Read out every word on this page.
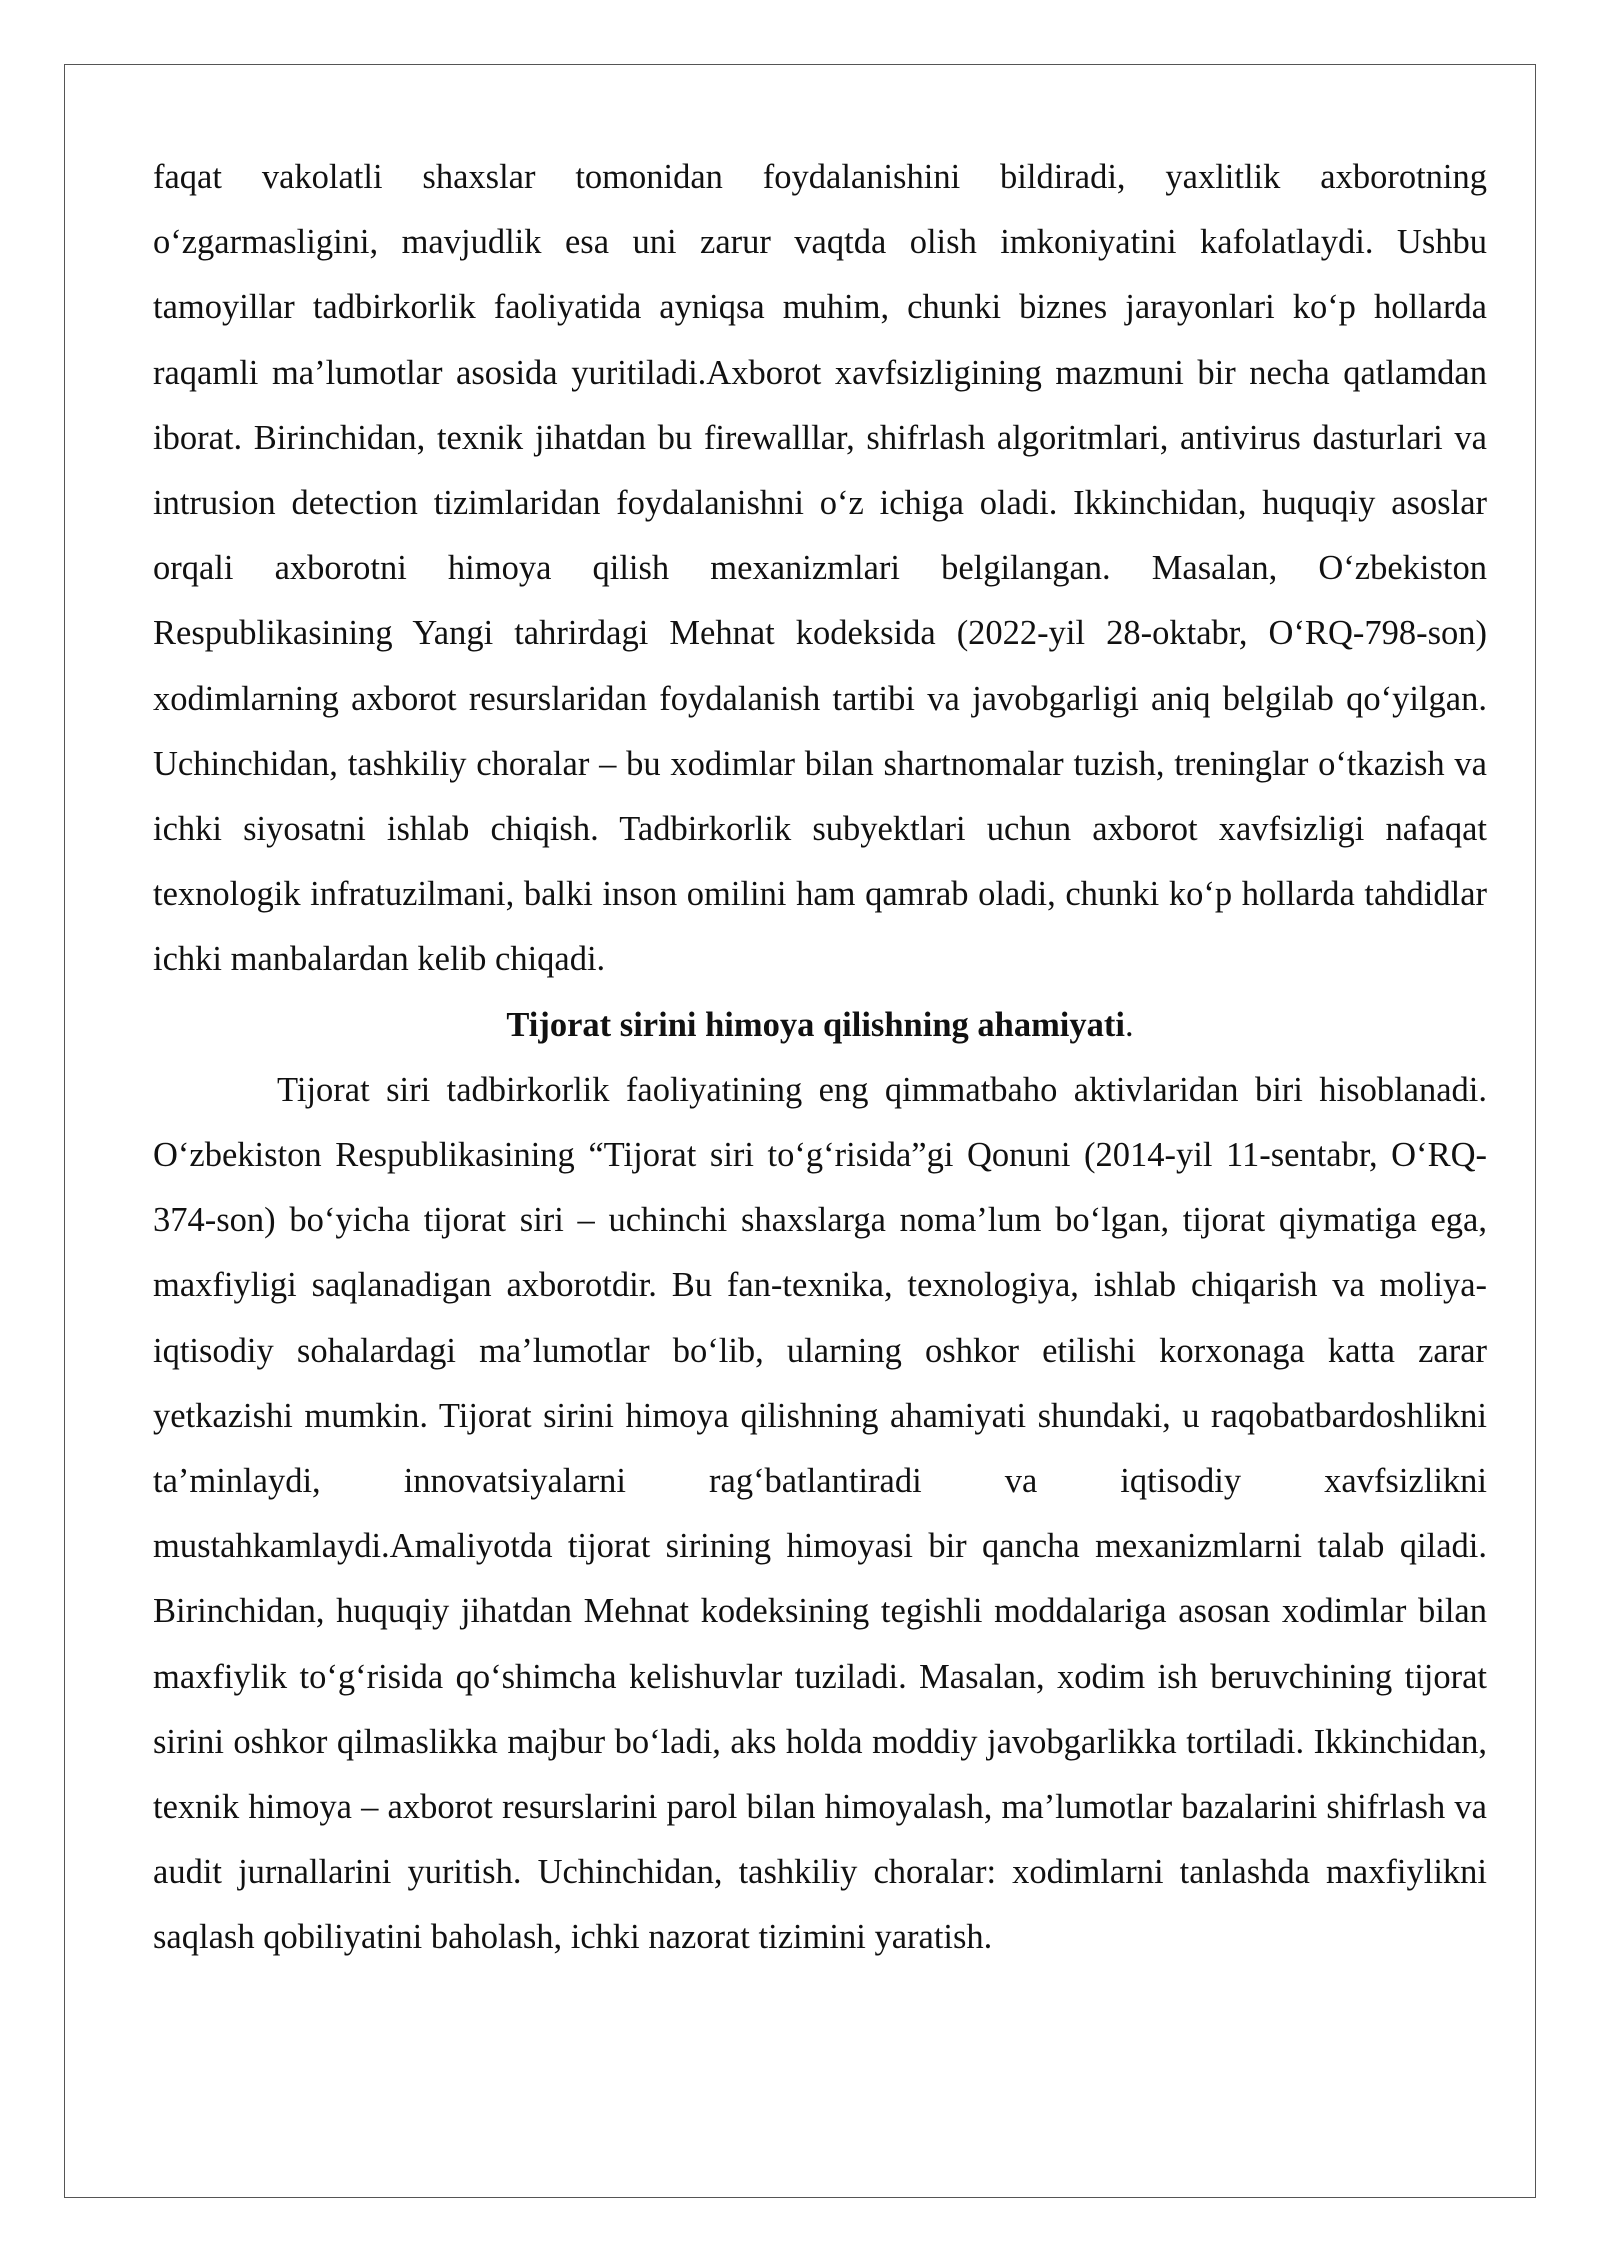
faqat vakolatli shaxslar tomonidan foydalanishini bildiradi, yaxlitlik axborotning o‘zgarmasligini, mavjudlik esa uni zarur vaqtda olish imkoniyatini kafolatlaydi. Ushbu tamoyillar tadbirkorlik faoliyatida ayniqsa muhim, chunki biznes jarayonlari ko‘p hollarda raqamli ma’lumotlar asosida yuritiladi.Axborot xavfsizligining mazmuni bir necha qatlamdan iborat. Birinchidan, texnik jihatdan bu firewalllar, shifrlash algoritmlari, antivirus dasturlari va intrusion detection tizimlaridan foydalanishni o‘z ichiga oladi. Ikkinchidan, huquqiy asoslar orqali axborotni himoya qilish mexanizmlari belgilangan. Masalan, O‘zbekiston Respublikasining Yangi tahrirdagi Mehnat kodeksida (2022-yil 28-oktabr, O‘RQ-798-son) xodimlarning axborot resurslaridan foydalanish tartibi va javobgarligi aniq belgilab qo‘yilgan. Uchinchidan, tashkiliy choralar – bu xodimlar bilan shartnomalar tuzish, treninglar o‘tkazish va ichki siyosatni ishlab chiqish. Tadbirkorlik subyektlari uchun axborot xavfsizligi nafaqat texnologik infratuzilmani, balki inson omilini ham qamrab oladi, chunki ko‘p hollarda tahdidlar ichki manbalardan kelib chiqadi.

Tijorat sirini himoya qilishning ahamiyati.

Tijorat siri tadbirkorlik faoliyatining eng qimmatbaho aktivlaridan biri hisoblanadi. O‘zbekiston Respublikasining “Tijorat siri to‘g‘risida”gi Qonuni (2014-yil 11-sentabr, O‘RQ-374-son) bo‘yicha tijorat siri – uchinchi shaxslarga noma’lum bo‘lgan, tijorat qiymatiga ega, maxfiyligi saqlanadigan axborotdir. Bu fan-texnika, texnologiya, ishlab chiqarish va moliya-iqtisodiy sohalardagi ma’lumotlar bo‘lib, ularning oshkor etilishi korxonaga katta zarar yetkazishi mumkin. Tijorat sirini himoya qilishning ahamiyati shundaki, u raqobatbardoshlikni ta’minlaydi, innovatsiyalarni rag‘batlantiradi va iqtisodiy xavfsizlikni mustahkamlaydi.Amaliyotda tijorat sirining himoyasi bir qancha mexanizmlarni talab qiladi. Birinchidan, huquqiy jihatdan Mehnat kodeksining tegishli moddalariga asosan xodimlar bilan maxfiylik to‘g‘risida qo‘shimcha kelishuvlar tuziladi. Masalan, xodim ish beruvchining tijorat sirini oshkor qilmaslikka majbur bo‘ladi, aks holda moddiy javobgarlikka tortiladi. Ikkinchidan, texnik himoya – axborot resurslarini parol bilan himoyalash, ma’lumotlar bazalarini shifrlash va audit jurnallarini yuritish. Uchinchidan, tashkiliy choralar: xodimlarni tanlashda maxfiylikni saqlash qobiliyatini baholash, ichki nazorat tizimini yaratish.
